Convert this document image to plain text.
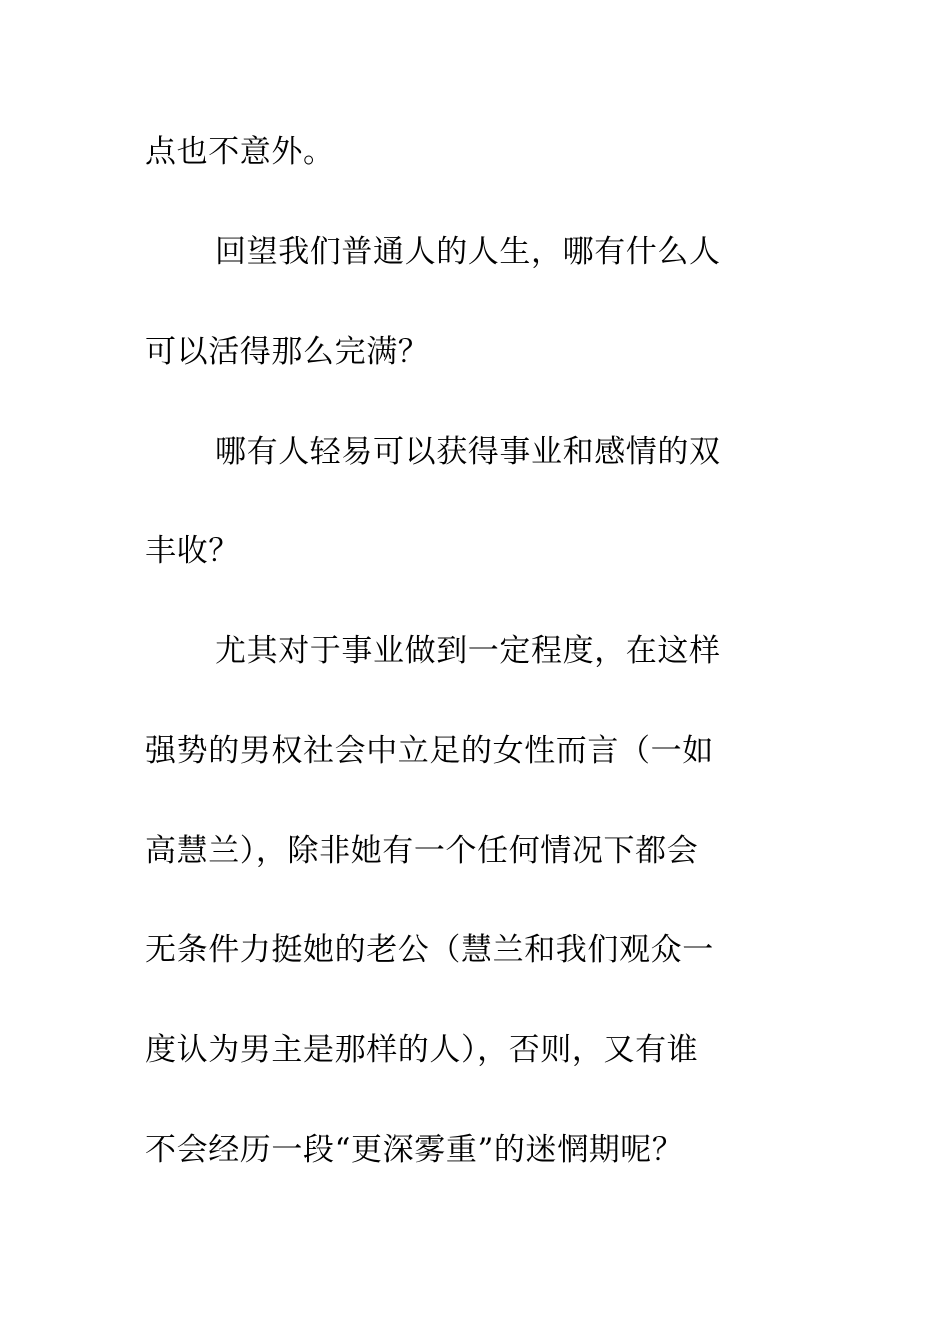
点也不意外。
回望我们普通人的人生，哪有什么人
可以活得那么完满？
哪有人轻易可以获得事业和感情的双
丰收？
尤其对于事业做到一定程度，在这样
强势的男权社会中立足的女性而言（一如
高慧兰），除非她有一个任何情况下都会
无条件力挺她的老公（慧兰和我们观众一
度认为男主是那样的人），否则，又有谁
不会经历一段“更深雾重”的迷惘期呢？
